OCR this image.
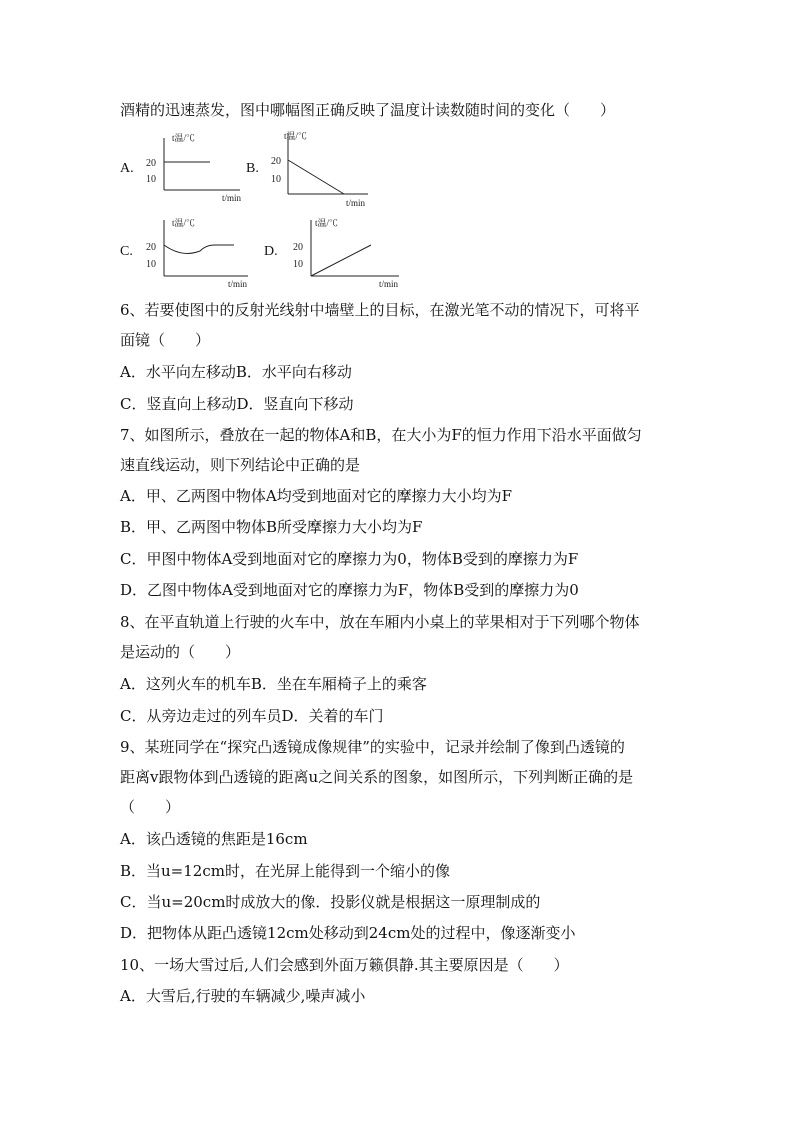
酒精的迅速蒸发，图中哪幅图正确反映了温度计读数随时间的变化（　　）
A.
t温/℃
20
10
t/min
B.
t温/℃
20
10
t/min
C.
t温/℃
20
10
t/min
D.
t温/℃
20
10
t/min
6、若要使图中的反射光线射中墙壁上的目标，在激光笔不动的情况下，可将平
面镜（　　）
A．水平向左移动B．水平向右移动
C．竖直向上移动D．竖直向下移动
7、如图所示，叠放在一起的物体A和B，在大小为F的恒力作用下沿水平面做匀
速直线运动，则下列结论中正确的是
A．甲、乙两图中物体A均受到地面对它的摩擦力大小均为F
B．甲、乙两图中物体B所受摩擦力大小均为F
C．甲图中物体A受到地面对它的摩擦力为0，物体B受到的摩擦力为F
D．乙图中物体A受到地面对它的摩擦力为F，物体B受到的摩擦力为0
8、在平直轨道上行驶的火车中，放在车厢内小桌上的苹果相对于下列哪个物体
是运动的（　　）
A．这列火车的机车B．坐在车厢椅子上的乘客
C．从旁边走过的列车员D．关着的车门
9、某班同学在“探究凸透镜成像规律”的实验中，记录并绘制了像到凸透镜的
距离v跟物体到凸透镜的距离u之间关系的图象，如图所示，下列判断正确的是
（　　）
A．该凸透镜的焦距是16cm
B．当u=12cm时，在光屏上能得到一个缩小的像
C．当u=20cm时成放大的像．投影仪就是根据这一原理制成的
D．把物体从距凸透镜12cm处移动到24cm处的过程中，像逐渐变小
10、一场大雪过后,人们会感到外面万籁俱静.其主要原因是（　　）
A．大雪后,行驶的车辆减少,噪声减小
